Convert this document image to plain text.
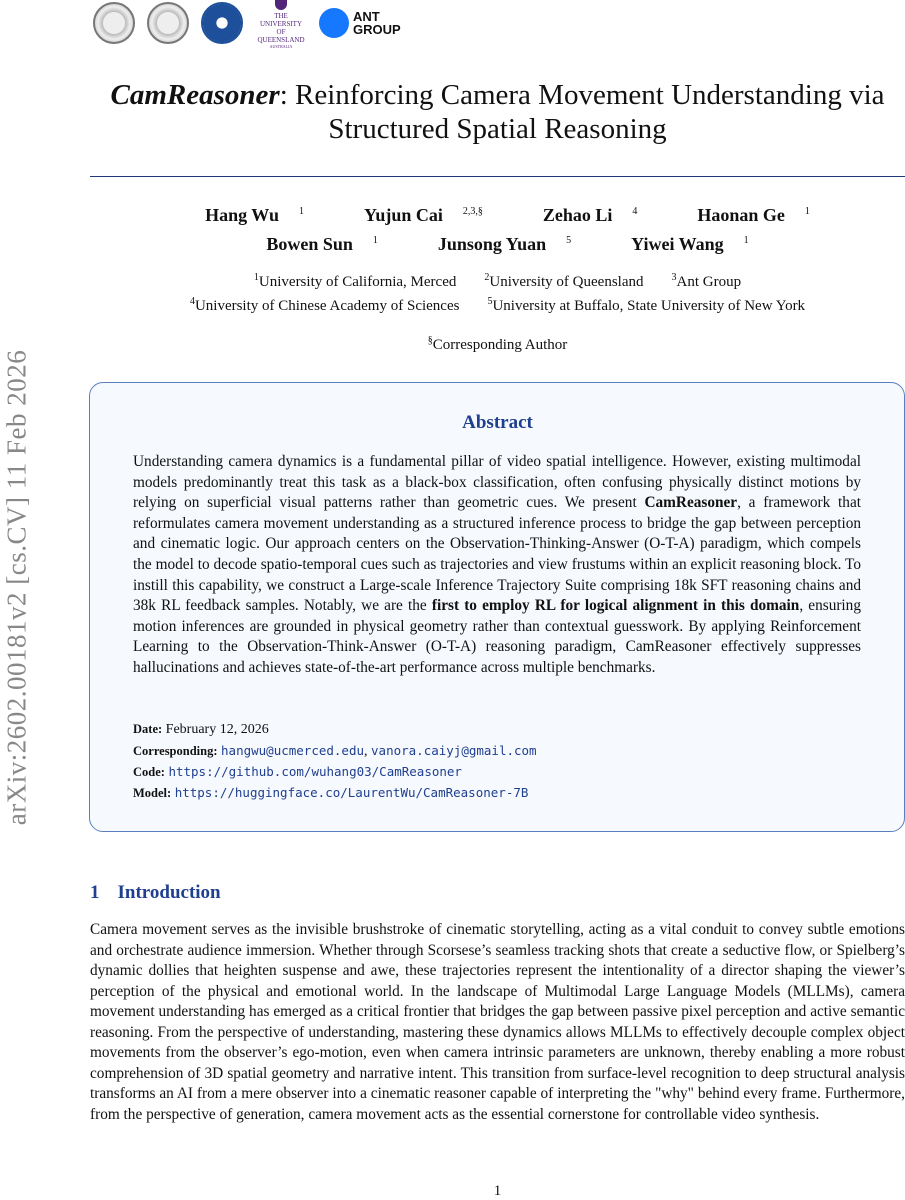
THE UNIVERSITY
OF QUEENSLAND
AUSTRALIA
ANT
GROUP
arXiv:2602.00181v2 [cs.CV] 11 Feb 2026
CamReasoner: Reinforcing Camera Movement Understanding via
Structured Spatial Reasoning
Hang Wu $^1$	Yujun Cai $^{2,3,\S}$	Zehao Li $^4$	Haonan Ge $^1$
Bowen Sun $^1$	Junsong Yuan $^5$	Yiwei Wang $^1$
$^1$University of California, Merced	$^2$University of Queensland	$^3$Ant Group
$^4$University of Chinese Academy of Sciences	$^5$University at Buffalo, State University of New York
§Corresponding Author
Abstract
Understanding camera dynamics is a fundamental pillar of video spatial intelligence. However, existing multimodal models predominantly treat this task as a black-box classification, often confusing physically distinct motions by relying on superficial visual patterns rather than geometric cues. We present CamReasoner, a framework that reformulates camera movement understanding as a structured inference process to bridge the gap between perception and cinematic logic. Our approach centers on the Observation-Thinking-Answer (O-T-A) paradigm, which compels the model to decode spatio-temporal cues such as trajectories and view frustums within an explicit reasoning block. To instill this capability, we construct a Large-scale Inference Trajectory Suite comprising 18k SFT reasoning chains and 38k RL feedback samples. Notably, we are the first to employ RL for logical alignment in this domain, ensuring motion inferences are grounded in physical geometry rather than contextual guesswork. By applying Reinforcement Learning to the Observation-Think-Answer (O-T-A) reasoning paradigm, CamReasoner effectively suppresses hallucinations and achieves state-of-the-art performance across multiple benchmarks.
Date: February 12, 2026
Corresponding: hangwu@ucmerced.edu, vanora.caiyj@gmail.com
Code: https://github.com/wuhang03/CamReasoner
Model: https://huggingface.co/LaurentWu/CamReasoner-7B
1 Introduction
Camera movement serves as the invisible brushstroke of cinematic storytelling, acting as a vital conduit to convey subtle emotions and orchestrate audience immersion. Whether through Scorsese’s seamless tracking shots that create a seductive flow, or Spielberg’s dynamic dollies that heighten suspense and awe, these trajectories represent the intentionality of a director shaping the viewer’s perception of the physical and emotional world. In the landscape of Multimodal Large Language Models (MLLMs), camera movement understanding has emerged as a critical frontier that bridges the gap between passive pixel perception and active semantic reasoning. From the perspective of understanding, mastering these dynamics allows MLLMs to effectively decouple complex object movements from the observer’s ego-motion, even when camera intrinsic parameters are unknown, thereby enabling a more robust comprehension of 3D spatial geometry and narrative intent. This transition from surface-level recognition to deep structural analysis transforms an AI from a mere observer into a cinematic reasoner capable of interpreting the "why" behind every frame. Furthermore, from the perspective of generation, camera movement acts as the essential cornerstone for controllable video synthesis.
1
